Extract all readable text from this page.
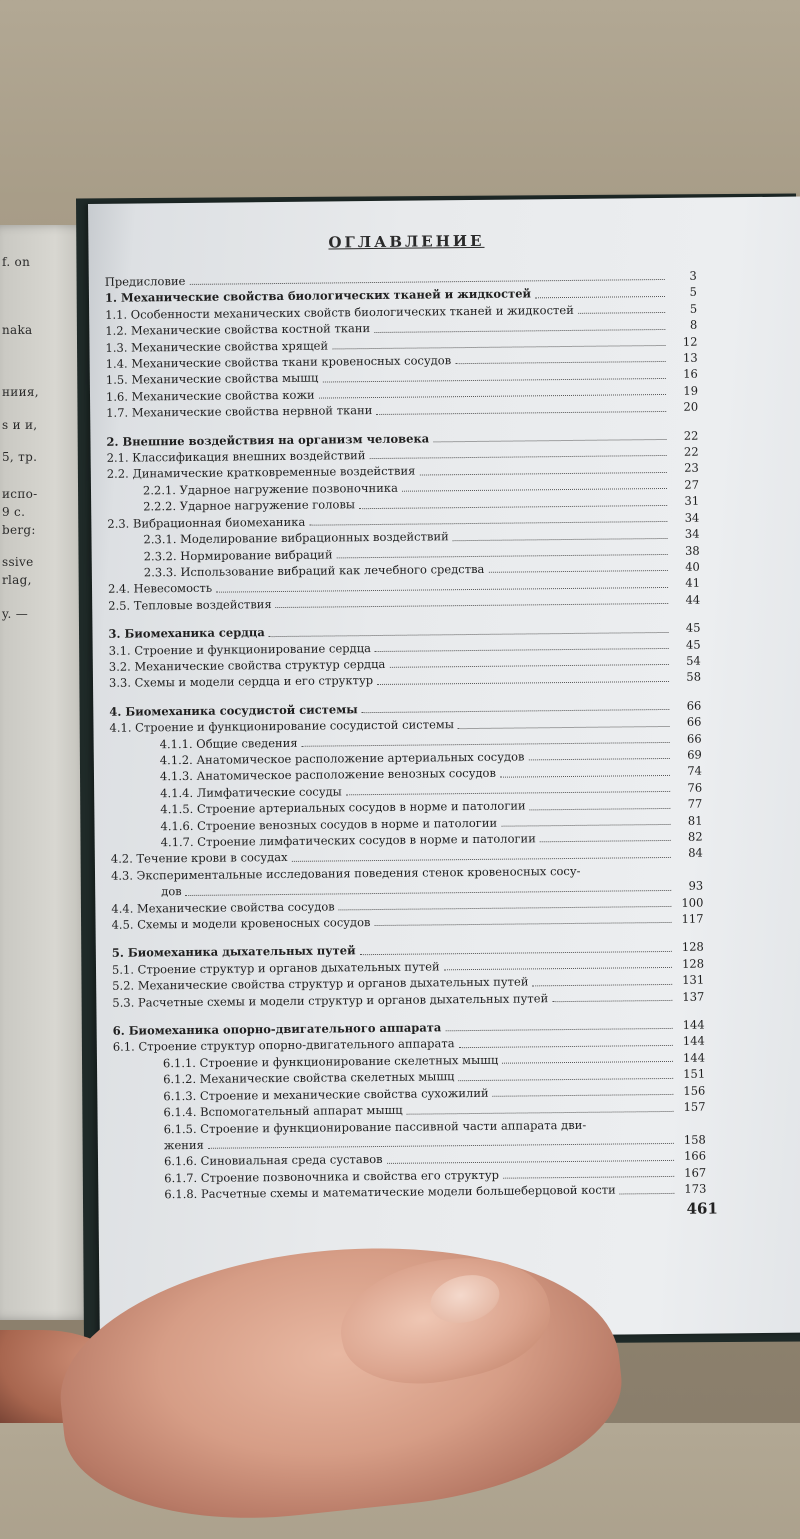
f. on
naka
ниия,
s и и,
5, тр.
испо-
9 с.
berg:
ssive
rlag,
y. —
ОГЛАВЛЕНИЕ
Предисловие	3
1. Механические свойства биологических тканей и жидкостей	5
1.1. Особенности механических свойств биологических тканей и жидкостей	5
1.2. Механические свойства костной ткани	8
1.3. Механические свойства хрящей	12
1.4. Механические свойства ткани кровеносных сосудов	13
1.5. Механические свойства мышц	16
1.6. Механические свойства кожи	19
1.7. Механические свойства нервной ткани	20
2. Внешние воздействия на организм человека	22
2.1. Классификация внешних воздействий	22
2.2. Динамические кратковременные воздействия	23
2.2.1. Ударное нагружение позвоночника	27
2.2.2. Ударное нагружение головы	31
2.3. Вибрационная биомеханика	34
2.3.1. Моделирование вибрационных воздействий	34
2.3.2. Нормирование вибраций	38
2.3.3. Использование вибраций как лечебного средства	40
2.4. Невесомость	41
2.5. Тепловые воздействия	44
3. Биомеханика сердца	45
3.1. Строение и функционирование сердца	45
3.2. Механические свойства структур сердца	54
3.3. Схемы и модели сердца и его структур	58
4. Биомеханика сосудистой системы	66
4.1. Строение и функционирование сосудистой системы	66
4.1.1. Общие сведения	66
4.1.2. Анатомическое расположение артериальных сосудов	69
4.1.3. Анатомическое расположение венозных сосудов	74
4.1.4. Лимфатические сосуды	76
4.1.5. Строение артериальных сосудов в норме и патологии	77
4.1.6. Строение венозных сосудов в норме и патологии	81
4.1.7. Строение лимфатических сосудов в норме и патологии	82
4.2. Течение крови в сосудах	84
4.3. Экспериментальные исследования поведения стенок кровеносных сосу-
дов	93
4.4. Механические свойства сосудов	100
4.5. Схемы и модели кровеносных сосудов	117
5. Биомеханика дыхательных путей	128
5.1. Строение структур и органов дыхательных путей	128
5.2. Механические свойства структур и органов дыхательных путей	131
5.3. Расчетные схемы и модели структур и органов дыхательных путей	137
6. Биомеханика опорно-двигательного аппарата	144
6.1. Строение структур опорно-двигательного аппарата	144
6.1.1. Строение и функционирование скелетных мышц	144
6.1.2. Механические свойства скелетных мышц	151
6.1.3. Строение и механические свойства сухожилий	156
6.1.4. Вспомогательный аппарат мышц	157
6.1.5. Строение и функционирование пассивной части аппарата дви-
жения	158
6.1.6. Синовиальная среда суставов	166
6.1.7. Строение позвоночника и свойства его структур	167
6.1.8. Расчетные схемы и математические модели большеберцовой кости	173
461
